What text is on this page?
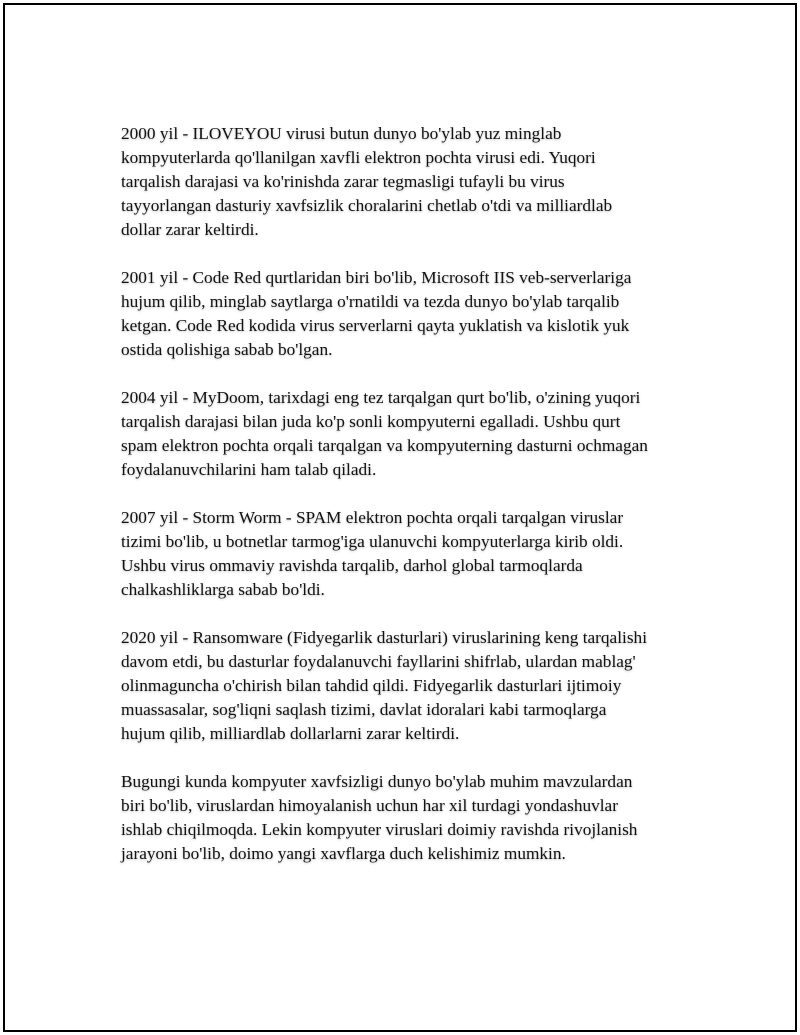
2000 yil - ILOVEYOU virusi butun dunyo bo'ylab yuz minglab
kompyuterlarda qo'llanilgan xavfli elektron pochta virusi edi. Yuqori
tarqalish darajasi va ko'rinishda zarar tegmasligi tufayli bu virus
tayyorlangan dasturiy xavfsizlik choralarini chetlab o'tdi va milliardlab
dollar zarar keltirdi.

2001 yil - Code Red qurtlaridan biri bo'lib, Microsoft IIS veb-serverlariga
hujum qilib, minglab saytlarga o'rnatildi va tezda dunyo bo'ylab tarqalib
ketgan. Code Red kodida virus serverlarni qayta yuklatish va kislotik yuk
ostida qolishiga sabab bo'lgan.

2004 yil - MyDoom, tarixdagi eng tez tarqalgan qurt bo'lib, o'zining yuqori
tarqalish darajasi bilan juda ko'p sonli kompyuterni egalladi. Ushbu qurt
spam elektron pochta orqali tarqalgan va kompyuterning dasturni ochmagan
foydalanuvchilarini ham talab qiladi.

2007 yil - Storm Worm - SPAM elektron pochta orqali tarqalgan viruslar
tizimi bo'lib, u botnetlar tarmog'iga ulanuvchi kompyuterlarga kirib oldi.
Ushbu virus ommaviy ravishda tarqalib, darhol global tarmoqlarda
chalkashliklarga sabab bo'ldi.

2020 yil - Ransomware (Fidyegarlik dasturlari) viruslarining keng tarqalishi
davom etdi, bu dasturlar foydalanuvchi fayllarini shifrlab, ulardan mablag'
olinmaguncha o'chirish bilan tahdid qildi. Fidyegarlik dasturlari ijtimoiy
muassasalar, sog'liqni saqlash tizimi, davlat idoralari kabi tarmoqlarga
hujum qilib, milliardlab dollarlarni zarar keltirdi.

Bugungi kunda kompyuter xavfsizligi dunyo bo'ylab muhim mavzulardan
biri bo'lib, viruslardan himoyalanish uchun har xil turdagi yondashuvlar
ishlab chiqilmoqda. Lekin kompyuter viruslari doimiy ravishda rivojlanish
jarayoni bo'lib, doimo yangi xavflarga duch kelishimiz mumkin.
